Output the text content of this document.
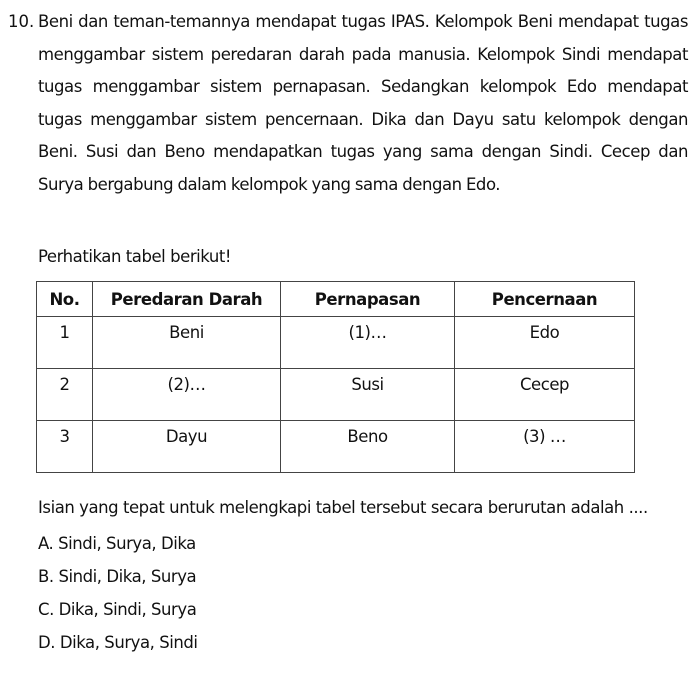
10. Beni dan teman-temannya mendapat tugas IPAS. Kelompok Beni mendapat tugas menggambar sistem peredaran darah pada manusia. Kelompok Sindi mendapat tugas menggambar sistem pernapasan. Sedangkan kelompok Edo mendapat tugas menggambar sistem pencernaan. Dika dan Dayu satu kelompok dengan Beni. Susi dan Beno mendapatkan tugas yang sama dengan Sindi. Cecep dan Surya bergabung dalam kelompok yang sama dengan Edo.
Perhatikan tabel berikut!
No.	Peredaran Darah	Pernapasan	Pencernaan
1	Beni	(1)…	Edo
2	(2)…	Susi	Cecep
3	Dayu	Beno	(3) …
Isian yang tepat untuk melengkapi tabel tersebut secara berurutan adalah ....
A. Sindi, Surya, Dika
B. Sindi, Dika, Surya
C. Dika, Sindi, Surya
D. Dika, Surya, Sindi
